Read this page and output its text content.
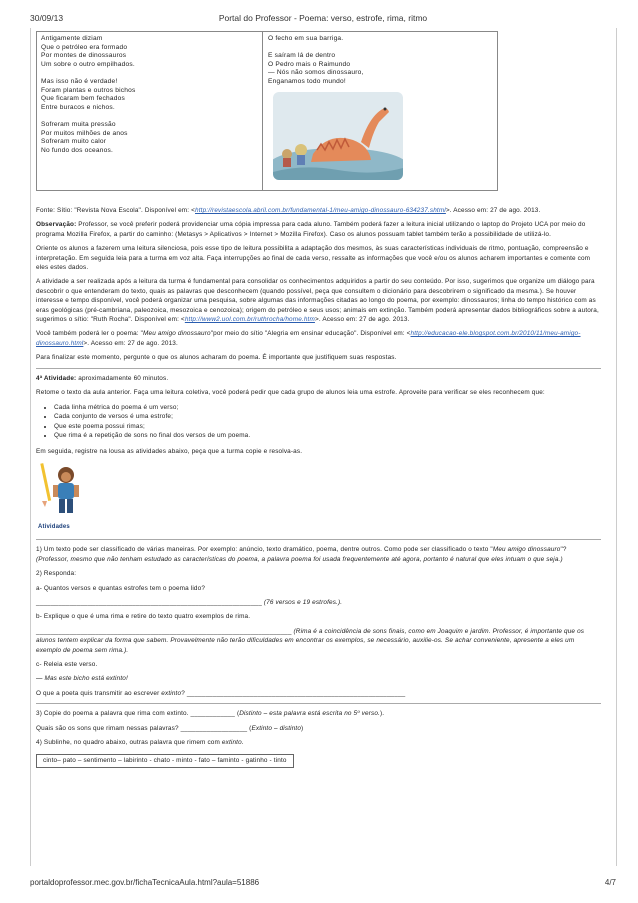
30/09/13	Portal do Professor - Poema: verso, estrofe, rima, ritmo
Antigamente diziam
Que o petróleo era formado
Por montes de dinossauros
Um sobre o outro empilhados.
Mas isso não é verdade!
Foram plantas e outros bichos
Que ficaram bem fechados
Entre buracos e nichos.
Sofreram muita pressão
Por muitos milhões de anos
Sofreram muito calor
No fundo dos oceanos.
O fecho em sua barriga.
E saíram lá de dentro
O Pedro mais o Raimundo
— Nós não somos dinossauro,
Enganamos todo mundo!

Fonte: Sítio: "Revista Nova Escola". Disponível em: <http://revistaescola.abril.com.br/fundamental-1/meu-amigo-dinossauro-634237.shtml>. Acesso em: 27 de ago. 2013.

Observação: Professor, se você preferir poderá providenciar uma cópia impressa para cada aluno. Também poderá fazer a leitura inicial utilizando o laptop do Projeto UCA por meio do programa Mozilla Firefox, a partir do caminho: (Metasys > Aplicativos > Internet > Mozilla Firefox). Caso os alunos possuam tablet também terão a possibilidade de utilizá-lo.

Oriente os alunos a fazerem uma leitura silenciosa, pois esse tipo de leitura possibilita a adaptação dos mesmos, às suas características individuais de ritmo, pontuação, compreensão e interpretação. Em seguida leia para a turma em voz alta. Faça interrupções ao final de cada verso, ressalte as informações que você e/ou os alunos acharem importantes e comente com eles estes dados.

A atividade a ser realizada após a leitura da turma é fundamental para consolidar os conhecimentos adquiridos a partir do seu conteúdo. Por isso, sugerimos que organize um diálogo para descobrir o que entenderam do texto, quais as palavras que desconhecem (quando possível, peça que consultem o dicionário para descobrirem o significado da mesma.). Se houver interesse e tempo disponível, você poderá organizar uma pesquisa, sobre algumas das informações citadas ao longo do poema, por exemplo: dinossauros; linha do tempo histórico com as eras geológicas (pré-cambriana, paleozoica, mesozoica e cenozoica); origem do petróleo e seus usos; animais em extinção. Também poderá apresentar dados bibliográficos sobre a autora, sugerimos o sítio: "Ruth Rocha". Disponível em: <http://www2.uol.com.br/ruthrocha/home.htm>. Acesso em: 27 de ago. 2013.

Você também poderá ler o poema: "Meu amigo dinossauro"por meio do sítio "Alegria em ensinar educação". Disponível em: <http://educacao-ele.blogspot.com.br/2010/11/meu-amigo-dinossauro.html>. Acesso em: 27 de ago. 2013.

Para finalizar este momento, pergunte o que os alunos acharam do poema. É importante que justifiquem suas respostas.

4ª Atividade: aproximadamente 60 minutos.

Retome o texto da aula anterior. Faça uma leitura coletiva, você poderá pedir que cada grupo de alunos leia uma estrofe. Aproveite para verificar se eles reconhecem que:

• Cada linha métrica do poema é um verso;
• Cada conjunto de versos é uma estrofe;
• Que este poema possui rimas;
• Que rima é a repetição de sons no final dos versos de um poema.

Em seguida, registre na lousa as atividades abaixo, peça que a turma copie e resolva-as.

Atividades

1) Um texto pode ser classificado de várias maneiras. Por exemplo: anúncio, texto dramático, poema, dentre outros. Como pode ser classificado o texto "Meu amigo dinossauro"? (Professor, mesmo que não tenham estudado as características do poema, a palavra poema foi usada frequentemente até agora, portanto é natural que eles intuam o que seja.)

2) Responda:

a- Quantos versos e quantas estrofes tem o poema lido?

_____________________________________________________________ (76 versos e 19 estrofes.).

b- Explique o que é uma rima e retire do texto quatro exemplos de rima.

_____________________________________________________________________ (Rima é a coincidência de sons finais, como em Joaquim e jardim. Professor, é importante que os alunos tentem explicar da forma que sabem. Provavelmente não terão dificuldades em encontrar os exemplos, se necessário, auxilie-os. Se achar conveniente, apresente a eles um exemplo de poema sem rima.).

c- Releia este verso.

— Mas este bicho está extinto!

O que a poeta quis transmitir ao escrever extinto? ___________________________________________________________

3) Copie do poema a palavra que rima com extinto. ____________ (Distinto – esta palavra está escrita no 5º verso.).

Quais são os sons que rimam nessas palavras? __________________ (Extinto – distinto)

4) Sublinhe, no quadro abaixo, outras palavra que rimem com extinto.

cinto– pato – sentimento – labirinto - chato - minto - fato – faminto - gatinho - tinto
portaldoprofessor.mec.gov.br/fichaTecnicaAula.html?aula=51886	4/7
